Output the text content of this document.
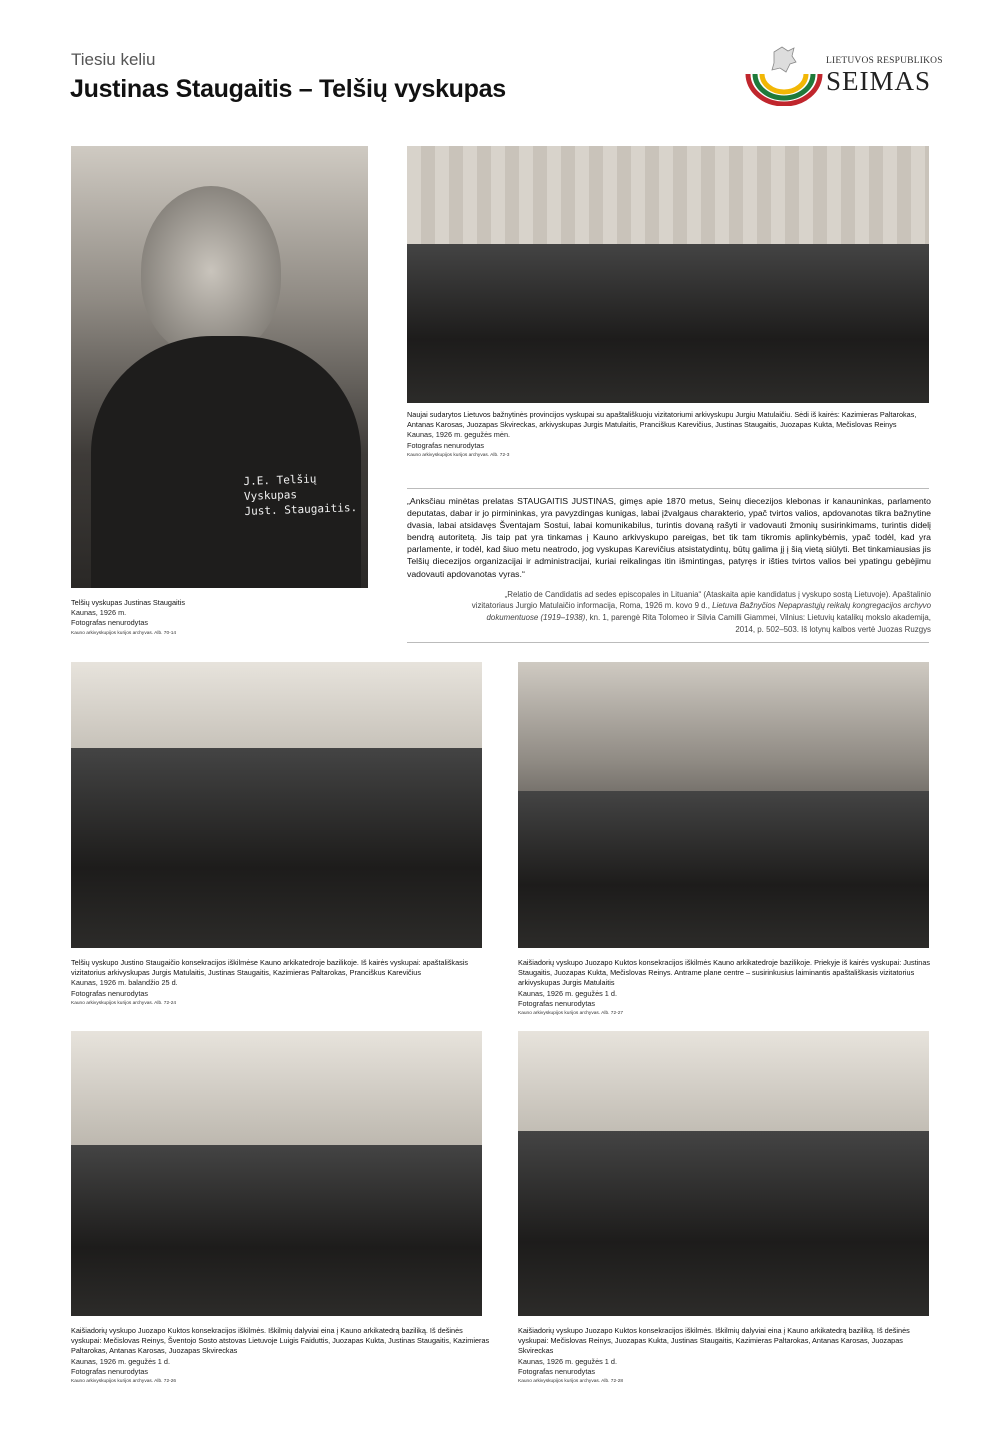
Tiesiu keliu
Justinas Staugaitis – Telšių vyskupas
LIETUVOS RESPUBLIKOS
SEIMAS
J.E. Telšių
Vyskupas
Just. Staugaitis.
Telšių vyskupas Justinas Staugaitis
Kaunas, 1926 m.
Fotografas nenurodytas
Kauno arkivyskupijos kurijos archyvas. Alb. 70-14
Naujai sudarytos Lietuvos bažnytinės provincijos vyskupai su apaštališkuoju vizitatoriumi arkivyskupu Jurgiu Matulaičiu. Sėdi iš kairės: Kazimieras Paltarokas, Antanas Karosas, Juozapas Skvireckas, arkivyskupas Jurgis Matulaitis, Pranciškus Karevičius, Justinas Staugaitis, Juozapas Kukta, Mečislovas Reinys
Kaunas, 1926 m. gegužės mėn.
Fotografas nenurodytas
Kauno arkivyskupijos kurijos archyvas. Alb. 72-3
„Anksčiau minėtas prelatas STAUGAITIS JUSTINAS, gimęs apie 1870 metus, Seinų diecezijos klebonas ir kanauninkas, parlamento deputatas, dabar ir jo pirmininkas, yra pavyzdingas kunigas, labai įžvalgaus charakterio, ypač tvirtos valios, apdovanotas tikra bažnytine dvasia, labai atsidavęs Šventajam Sostui, labai komunikabilus, turintis dovaną rašyti ir vadovauti žmonių susirinkimams, turintis didelį bendrą autoritetą. Jis taip pat yra tinkamas į Kauno arkivyskupo pareigas, bet tik tam tikromis aplinkybėmis, ypač todėl, kad yra parlamente, ir todėl, kad šiuo metu neatrodo, jog vyskupas Karevičius atsistatydintų, būtų galima jį į šią vietą siūlyti. Bet tinkamiausias jis Telšių diecezijos organizacijai ir administracijai, kuriai reikalingas itin išmintingas, patyręs ir išties tvirtos valios bei ypatingu gebėjimu vadovauti apdovanotas vyras.“
„Relatio de Candidatis ad sedes episcopales in Lituania“ (Ataskaita apie kandidatus į vyskupo sostą Lietuvoje). Apaštalinio vizitatoriaus Jurgio Matulaičio informacija, Roma, 1926 m. kovo 9 d., Lietuva Bažnyčios Nepaprastųjų reikalų kongregacijos archyvo dokumentuose (1919–1938), kn. 1, parengė Rita Tolomeo ir Silvia Camilli Giammei, Vilnius: Lietuvių katalikų mokslo akademija, 2014, p. 502–503. Iš lotynų kalbos vertė Juozas Ruzgys
Telšių vyskupo Justino Staugaičio konsekracijos iškilmėse Kauno arkikatedroje bazilikoje. Iš kairės vyskupai: apaštališkasis vizitatorius arkivyskupas Jurgis Matulaitis, Justinas Staugaitis, Kazimieras Paltarokas, Pranciškus Karevičius
Kaunas, 1926 m. balandžio 25 d.
Fotografas nenurodytas
Kauno arkivyskupijos kurijos archyvas. Alb. 72-24
Kaišiadorių vyskupo Juozapo Kuktos konsekracijos iškilmės Kauno arkikatedroje bazilikoje. Priekyje iš kairės vyskupai: Justinas Staugaitis, Juozapas Kukta, Mečislovas Reinys. Antrame plane centre – susirinkusius laiminantis apaštališkasis vizitatorius arkivyskupas Jurgis Matulaitis
Kaunas, 1926 m. gegužės 1 d.
Fotografas nenurodytas
Kauno arkivyskupijos kurijos archyvas. Alb. 72-27
Kaišiadorių vyskupo Juozapo Kuktos konsekracijos iškilmės. Iškilmių dalyviai eina į Kauno arkikatedrą baziliką. Iš dešinės vyskupai: Mečislovas Reinys, Šventojo Sosto atstovas Lietuvoje Luigis Faiduttis, Juozapas Kukta, Justinas Staugaitis, Kazimieras Paltarokas, Antanas Karosas, Juozapas Skvireckas
Kaunas, 1926 m. gegužės 1 d.
Fotografas nenurodytas
Kauno arkivyskupijos kurijos archyvas. Alb. 72-26
Kaišiadorių vyskupo Juozapo Kuktos konsekracijos iškilmės. Iškilmių dalyviai eina į Kauno arkikatedrą baziliką. Iš dešinės vyskupai: Mečislovas Reinys, Juozapas Kukta, Justinas Staugaitis, Kazimieras Paltarokas, Antanas Karosas, Juozapas Skvireckas
Kaunas, 1926 m. gegužės 1 d.
Fotografas nenurodytas
Kauno arkivyskupijos kurijos archyvas. Alb. 72-28
